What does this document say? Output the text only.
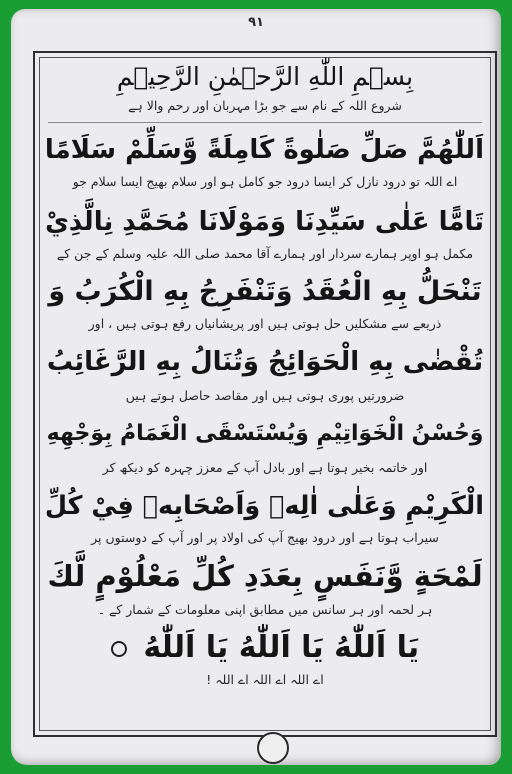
۹۱
بِسۡمِ اللّٰهِ الرَّحۡمٰنِ الرَّحِيۡمِ
شروع اللہ کے نام سے جو بڑا مہربان اور رحم والا ہے
اَللّٰهُمَّ صَلِّ صَلٰوةً كَامِلَةً وَّسَلِّمْ سَلَامًا
اے اللہ تو درود نازل کر ایسا درود جو کامل ہو اور سلام بھیج ایسا سلام جو
تَامًّا عَلٰى سَيِّدِنَا وَمَوْلَانَا مُحَمَّدِ نِالَّذِيْ
مکمل ہو اوپر ہمارے سردار اور ہمارے آقا محمد صلی اللہ علیہ وسلم کے جن کے
تَنْحَلُّ بِهِ الْعُقَدُ وَتَنْفَرِجُ بِهِ الْكُرَبُ وَ
ذریعے سے مشکلیں حل ہوتی ہیں اور پریشانیاں رفع ہوتی ہیں ، اور
تُقْضٰى بِهِ الْحَوَائِجُ وَتُنَالُ بِهِ الرَّغَائِبُ
ضرورتیں پوری ہوتی ہیں اور مقاصد حاصل ہوتے ہیں
وَحُسْنُ الْخَوَاتِيْمِ وَيُسْتَسْقَى الْغَمَامُ بِوَجْهِهِ
اور خاتمہ بخیر ہوتا ہے اور بادل آپ کے معزز چہرہ کو دیکھ کر
الْكَرِيْمِ وَعَلٰى اٰلِهٖ وَاَصْحَابِهٖ فِيْ كُلِّ
سیراب ہوتا ہے اور درود بھیج آپ کی اولاد پر اور آپ کے دوستوں پر
لَمْحَةٍ وَّنَفَسٍ بِعَدَدِ كُلِّ مَعْلُوْمٍ لَّكَ
ہر لحمہ اور ہر سانس میں مطابق اپنی معلومات کے شمار کے ۔
يَا اَللّٰهُ يَا اَللّٰهُ يَا اَللّٰهُ
اے اللہ اے اللہ اے اللہ !
